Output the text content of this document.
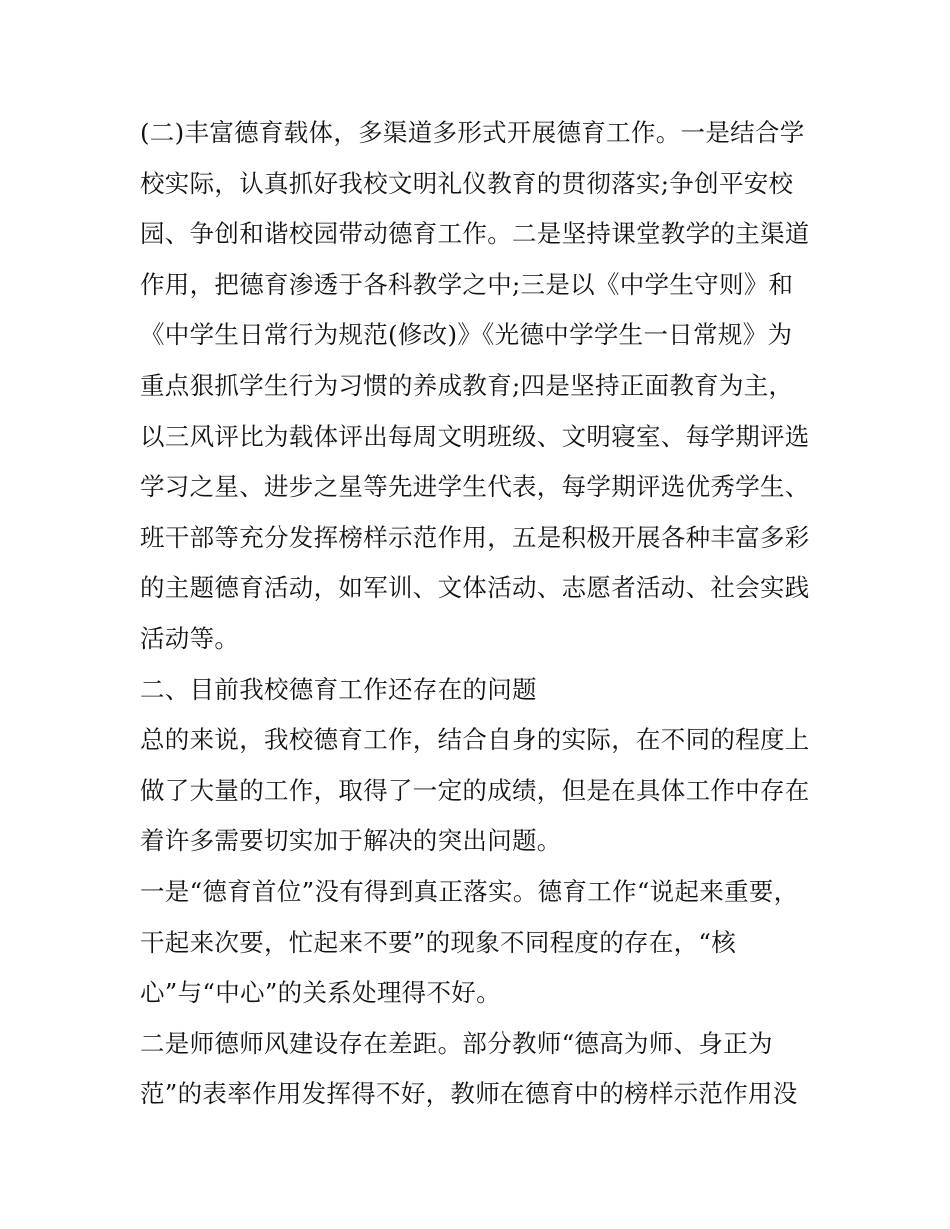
(二)丰富德育载体，多渠道多形式开展德育工作。一是结合学
校实际，认真抓好我校文明礼仪教育的贯彻落实;争创平安校
园、争创和谐校园带动德育工作。二是坚持课堂教学的主渠道
作用，把德育渗透于各科教学之中;三是以《中学生守则》和
《中学生日常行为规范(修改)》《光德中学学生一日常规》为
重点狠抓学生行为习惯的养成教育;四是坚持正面教育为主，
以三风评比为载体评出每周文明班级、文明寝室、每学期评选
学习之星、进步之星等先进学生代表，每学期评选优秀学生、
班干部等充分发挥榜样示范作用，五是积极开展各种丰富多彩
的主题德育活动，如军训、文体活动、志愿者活动、社会实践
活动等。
二、目前我校德育工作还存在的问题
总的来说，我校德育工作，结合自身的实际，在不同的程度上
做了大量的工作，取得了一定的成绩，但是在具体工作中存在
着许多需要切实加于解决的突出问题。
一是“德育首位”没有得到真正落实。德育工作“说起来重要，
干起来次要，忙起来不要”的现象不同程度的存在，“核
心”与“中心”的关系处理得不好。
二是师德师风建设存在差距。部分教师“德高为师、身正为
范”的表率作用发挥得不好，教师在德育中的榜样示范作用没
